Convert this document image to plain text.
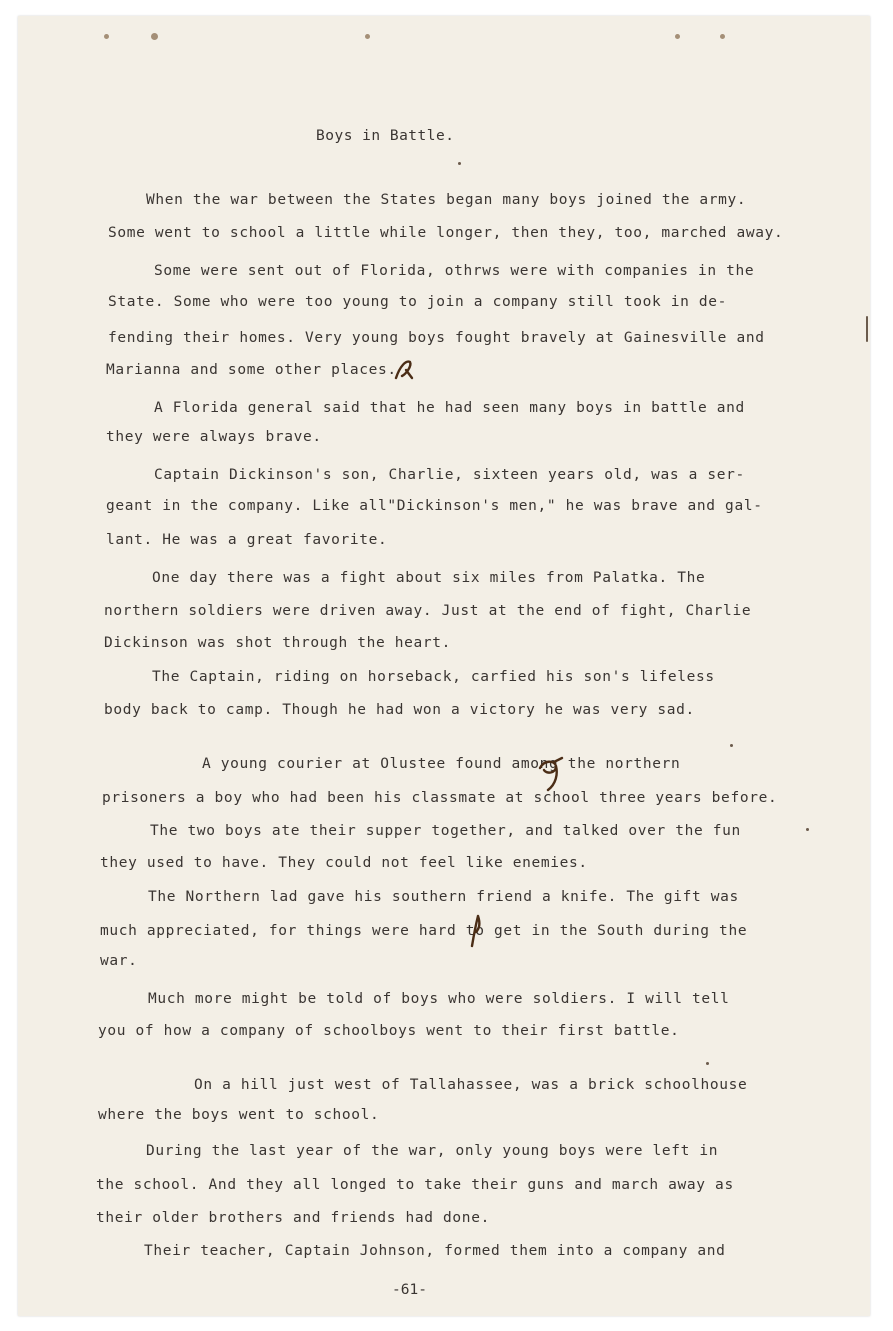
Boys in Battle.
When the war between the States began many boys joined the army.
Some went to school a little while longer, then they, too, marched away.
Some were sent out of Florida, othrws were with companies in the
State. Some who were too young to join a company still took in de-
fending their homes. Very young boys fought bravely at Gainesville and
Marianna and some other places.
A Florida general said that he had seen many boys in battle and
they were always brave.
Captain Dickinson's son, Charlie, sixteen years old, was a ser-
geant in the company. Like all"Dickinson's men," he was brave and gal-
lant. He was a great favorite.
One day there was a fight about six miles from Palatka. The
northern soldiers were driven away. Just at the end of fight, Charlie
Dickinson was shot through the heart.
The Captain, riding on horseback, carfied his son's lifeless
body back to camp. Though he had won a victory he was very sad.
A young courier at Olustee found among the northern
prisoners a boy who had been his classmate at school three years before.
The two boys ate their supper together, and talked over the fun
they used to have. They could not feel like enemies.
The Northern lad gave his southern friend a knife. The gift was
much appreciated, for things were hard to get in the South during the
war.
Much more might be told of boys who were soldiers. I will tell
you of how a company of schoolboys went to their first battle.
On a hill just west of Tallahassee, was a brick schoolhouse
where the boys went to school.
During the last year of the war, only young boys were left in
the school. And they all longed to take their guns and march away as
their older brothers and friends had done.
Their teacher, Captain Johnson, formed them into a company and
-61-
